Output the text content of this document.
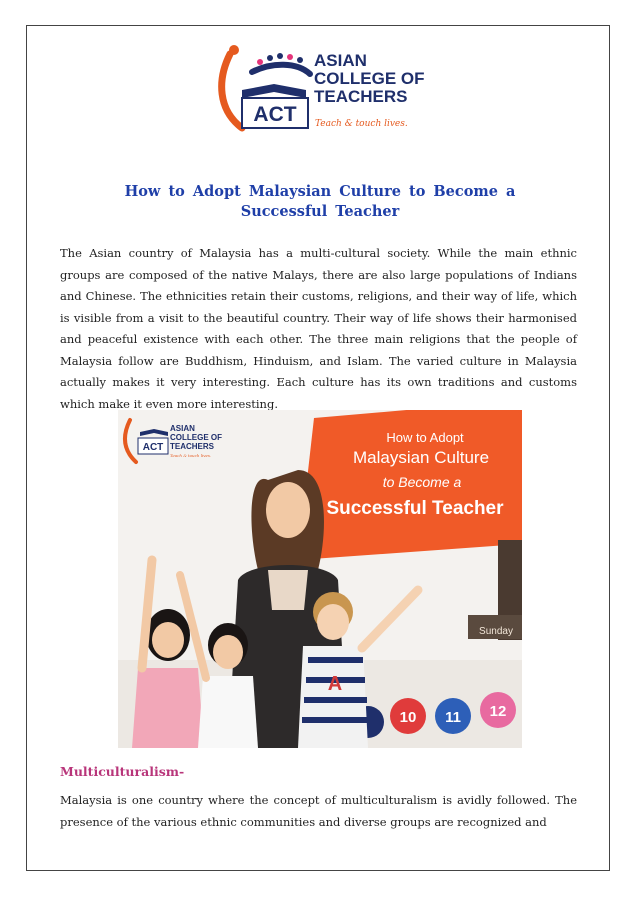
ACT
ASIAN
COLLEGE OF
TEACHERS
Teach & touch lives.
How to Adopt Malaysian Culture to Become a
Successful Teacher

The Asian country of Malaysia has a multi-cultural society. While the main ethnic groups are composed of the native Malays, there are also large populations of Indians and Chinese. The ethnicities retain their customs, religions, and their way of life, which is visible from a visit to the beautiful country. Their way of life shows their harmonised and peaceful existence with each other. The three main religions that the people of Malaysia follow are Buddhism, Hinduism, and Islam. The varied culture in Malaysia actually makes it very interesting. Each culture has its own traditions and customs which make it even more interesting.

10 11 12
Sunday
A
ACT
ASIAN
COLLEGE OF
TEACHERS
Teach & touch lives.
How to Adopt
Malaysian Culture
to Become a
Successful Teacher
Multiculturalism-

Malaysia is one country where the concept of multiculturalism is avidly followed. The presence of the various ethnic communities and diverse groups are recognized and
